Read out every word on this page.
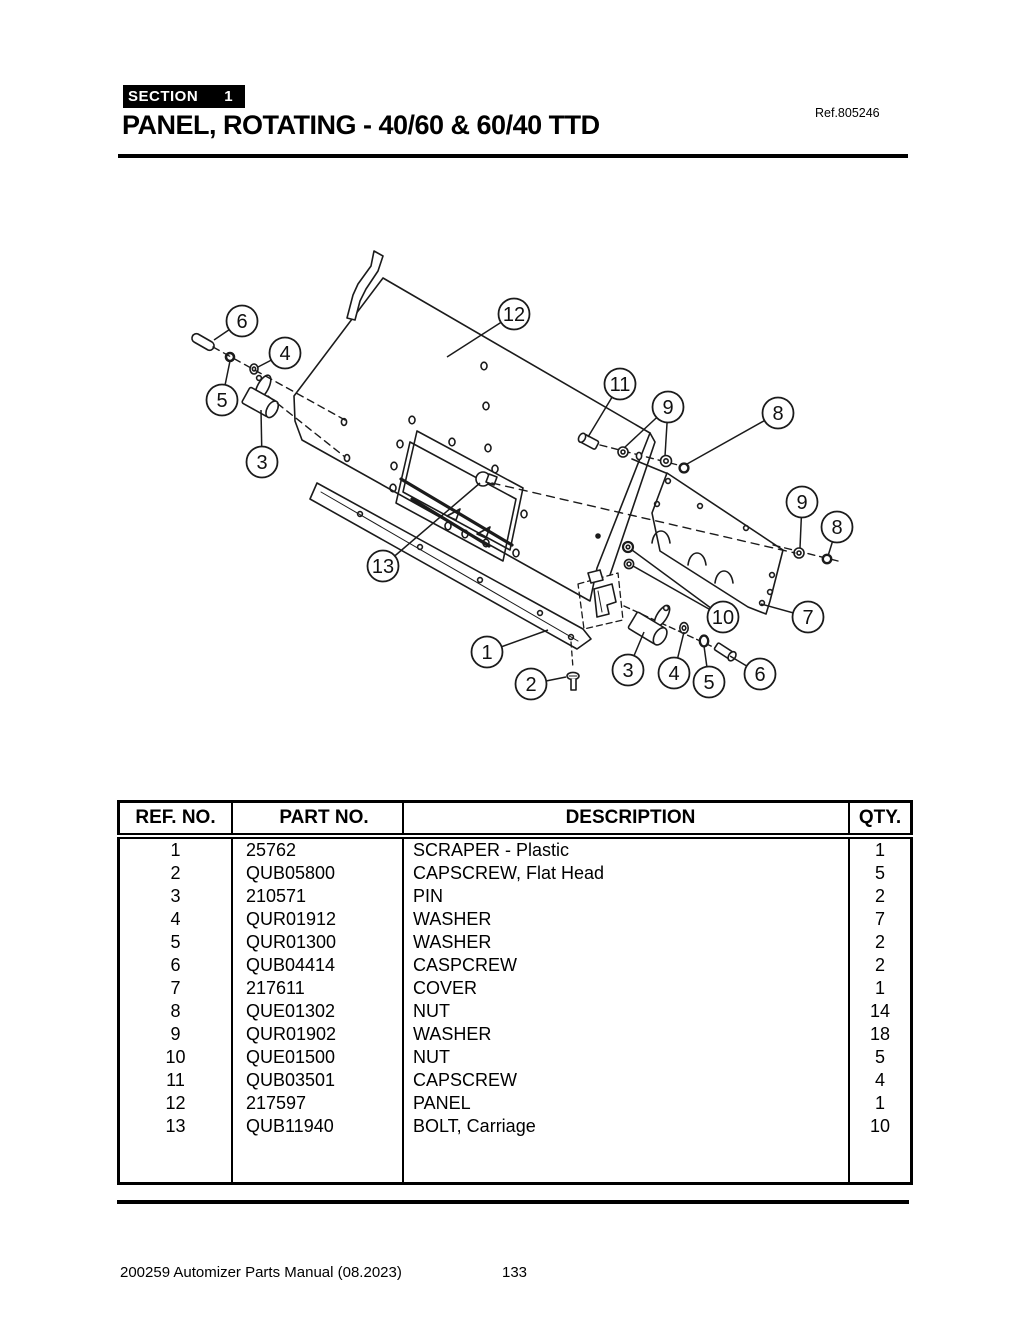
SECTION 1
PANEL, ROTATING - 40/60 & 60/40 TTD	Ref.805246
6
4
5
3
12
11
9	8
9
8
13
1
2
3 4 5 6
10	7
REF. NO.	PART NO.	DESCRIPTION	QTY.
1	25762	SCRAPER - Plastic	1
2	QUB05800	CAPSCREW, Flat Head	5
3	210571	PIN	2
4	QUR01912	WASHER	7
5	QUR01300	WASHER	2
6	QUB04414	CASPCREW	2
7	217611	COVER	1
8	QUE01302	NUT	14
9	QUR01902	WASHER	18
10	QUE01500	NUT	5
11	QUB03501	CAPSCREW	4
12	217597	PANEL	1
13	QUB11940	BOLT, Carriage	10

200259 Automizer Parts Manual (08.2023)	133
